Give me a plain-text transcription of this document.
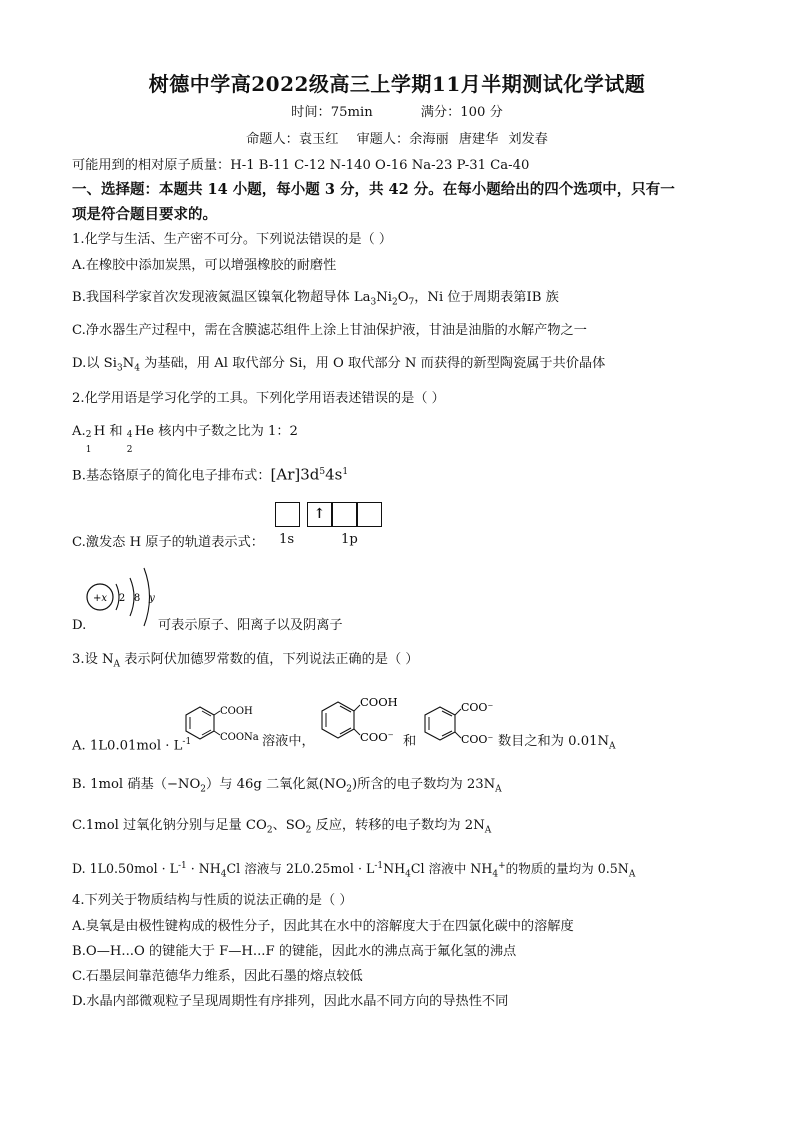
树德中学高2022级高三上学期11月半期测试化学试题
时间：75min	满分：100 分
命题人：袁玉红 审题人：余海丽 唐建华 刘发春
可能用到的相对原子质量：H-1 B-11 C-12 N-140 O-16 Na-23 P-31 Ca-40
一、选择题：本题共 14 小题，每小题 3 分，共 42 分。在每小题给出的四个选项中，只有一
项是符合题目要求的。
1.化学与生活、生产密不可分。下列说法错误的是（ ）
A.在橡胶中添加炭黑，可以增强橡胶的耐磨性
B.我国科学家首次发现液氮温区镍氧化物超导体 $La_3Ni_2O_7$，Ni 位于周期表第ⅠB 族
C.净水器生产过程中，需在含膜滤芯组件上涂上甘油保护液，甘油是油脂的水解产物之一
D.以 $Si_3N_4$ 为基础，用 Al 取代部分 Si，用 O 取代部分 N 而获得的新型陶瓷属于共价晶体
2.化学用语是学习化学的工具。下列化学用语表述错误的是（ ）
A. 2
1
H 和 4
2
He 核内中子数之比为 1：2
B.基态铬原子的简化电子排布式：$[Ar]3d^54s^1$
↑
C.激发态 H 原子的轨道表示式： 1s	1p
+x 2 8 y
D.	可表示原子、阳离子以及阴离子
3.设 $N_A$ 表示阿伏加德罗常数的值，下列说法正确的是（ ）
A. $1L0.01mol \cdot L^{-1}$
COOH
COONa 溶液中，
COOH
COO⁻ 和
COO⁻
COO⁻ 数目之和为 $0.01N_A$
B. 1mol 硝基$(-NO_2)$与 46g 二氧化氮$(NO_2)$所含的电子数均为 $23N_A$
C.1mol 过氧化钠分别与足量 $CO_2$、$SO_2$ 反应，转移的电子数均为 $2N_A$
D. $1L0.50mol \cdot L^{-1} \cdot NH_4Cl$ 溶液与 $2L0.25mol \cdot L^{-1}NH_4Cl$ 溶液中 $NH_4^+$的物质的量均为 $0.5N_A$
4.下列关于物质结构与性质的说法正确的是（ ）
A.臭氧是由极性键构成的极性分子，因此其在水中的溶解度大于在四氯化碳中的溶解度
B.O—H...O 的键能大于 F—H...F 的键能，因此水的沸点高于氟化氢的沸点
C.石墨层间靠范德华力维系，因此石墨的熔点较低
D.水晶内部微观粒子呈现周期性有序排列，因此水晶不同方向的导热性不同
